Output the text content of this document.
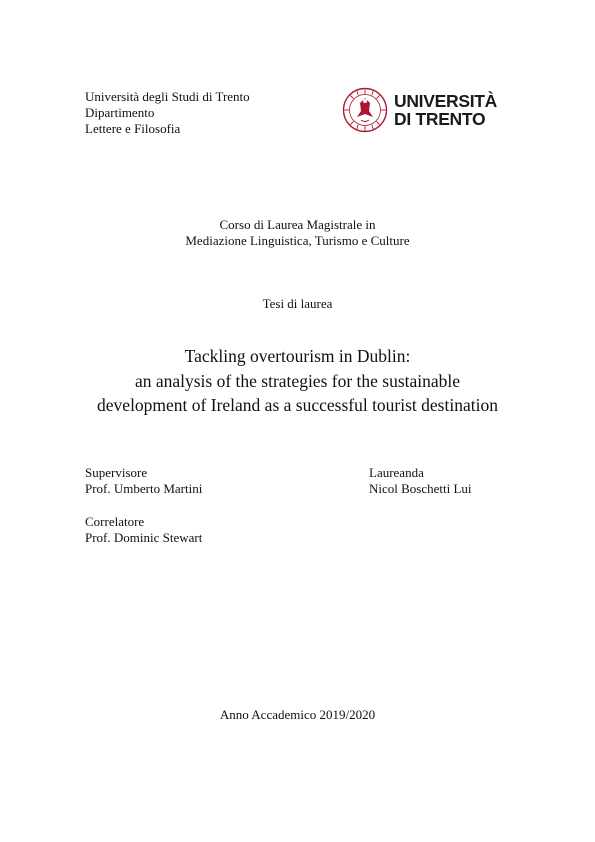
Università degli Studi di Trento
Dipartimento
Lettere e Filosofia
UNIVERSITÀ
DI TRENTO
Corso di Laurea Magistrale in
Mediazione Linguistica, Turismo e Culture
Tesi di laurea
Tackling overtourism in Dublin:
an analysis of the strategies for the sustainable
development of Ireland as a successful tourist destination
Supervisore
Prof. Umberto Martini
Laureanda
Nicol Boschetti Lui
Correlatore
Prof. Dominic Stewart
Anno Accademico 2019/2020
